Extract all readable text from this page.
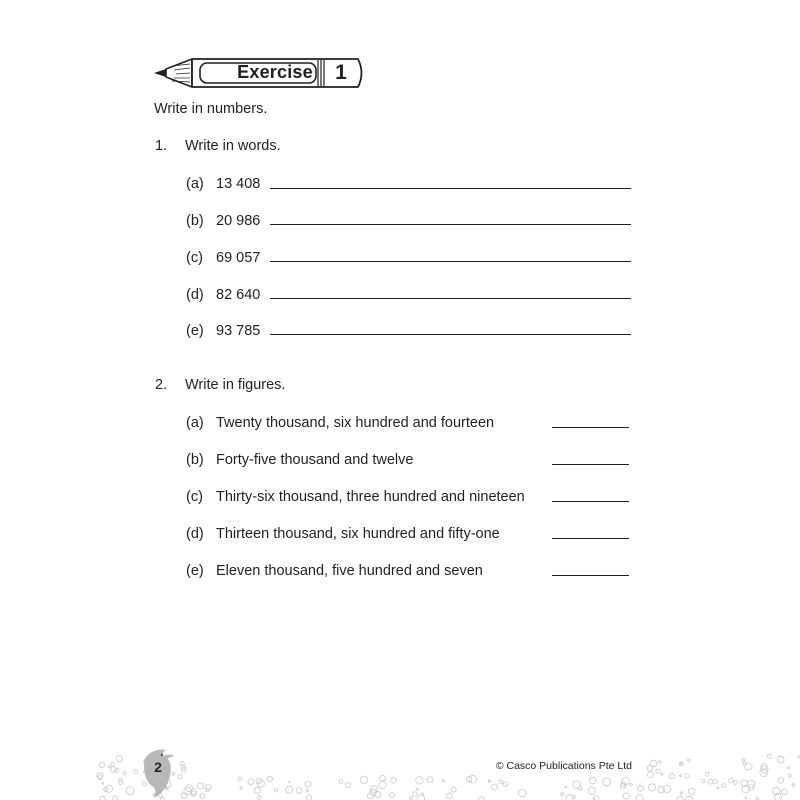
Exercise	1
Write in numbers.
1. Write in words.
(a) 13 408
(b) 20 986
(c) 69 057
(d) 82 640
(e) 93 785
2. Write in figures.
(a) Twenty thousand, six hundred and fourteen
(b) Forty-five thousand and twelve
(c) Thirty-six thousand, three hundred and nineteen
(d) Thirteen thousand, six hundred and fifty-one
(e) Eleven thousand, five hundred and seven
2	© Casco Publications Pte Ltd
